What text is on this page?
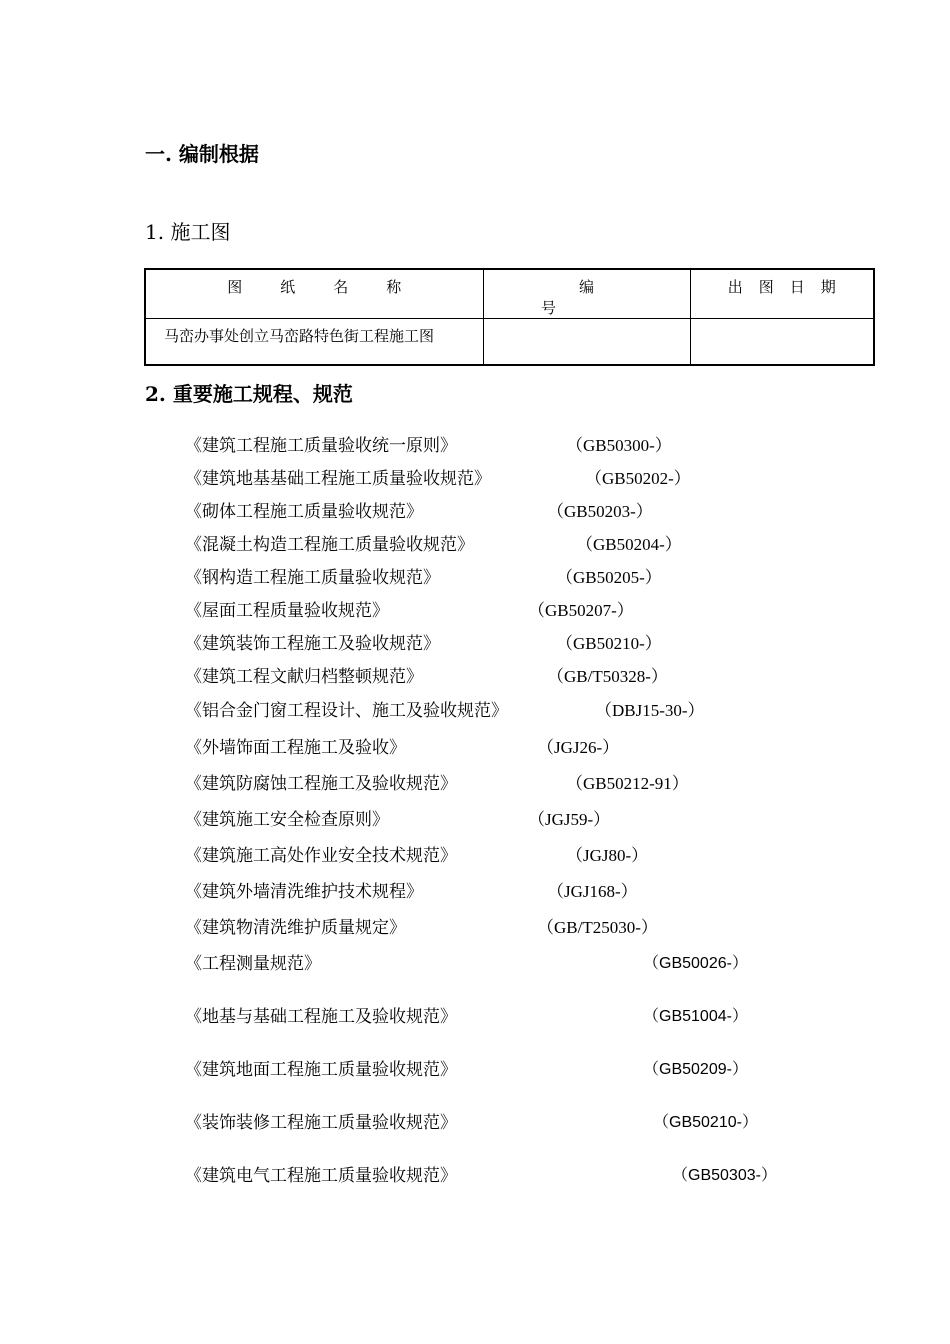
一. 编制根据
1. 施工图
图纸名称	编号	出图日期
马峦办事处创立马峦路特色街工程施工图		
2. 重要施工规程、规范
《建筑工程施工质量验收统一原则》	（GB50300-）
《建筑地基基础工程施工质量验收规范》	（GB50202-）
《砌体工程施工质量验收规范》	（GB50203-）
《混凝土构造工程施工质量验收规范》	（GB50204-）
《钢构造工程施工质量验收规范》	（GB50205-）
《屋面工程质量验收规范》	（GB50207-）
《建筑装饰工程施工及验收规范》	（GB50210-）
《建筑工程文献归档整顿规范》	（GB/T50328-）
《铝合金门窗工程设计、施工及验收规范》	（DBJ15-30-）
《外墙饰面工程施工及验收》	（JGJ26-）
《建筑防腐蚀工程施工及验收规范》	（GB50212-91）
《建筑施工安全检查原则》	（JGJ59-）
《建筑施工高处作业安全技术规范》	（JGJ80-）
《建筑外墙清洗维护技术规程》	（JGJ168-）
《建筑物清洗维护质量规定》	（GB/T25030-）
《工程测量规范》	（GB50026-）
《地基与基础工程施工及验收规范》	（GB51004-）
《建筑地面工程施工质量验收规范》	（GB50209-）
《装饰装修工程施工质量验收规范》	（GB50210-）
《建筑电气工程施工质量验收规范》	（GB50303-）
